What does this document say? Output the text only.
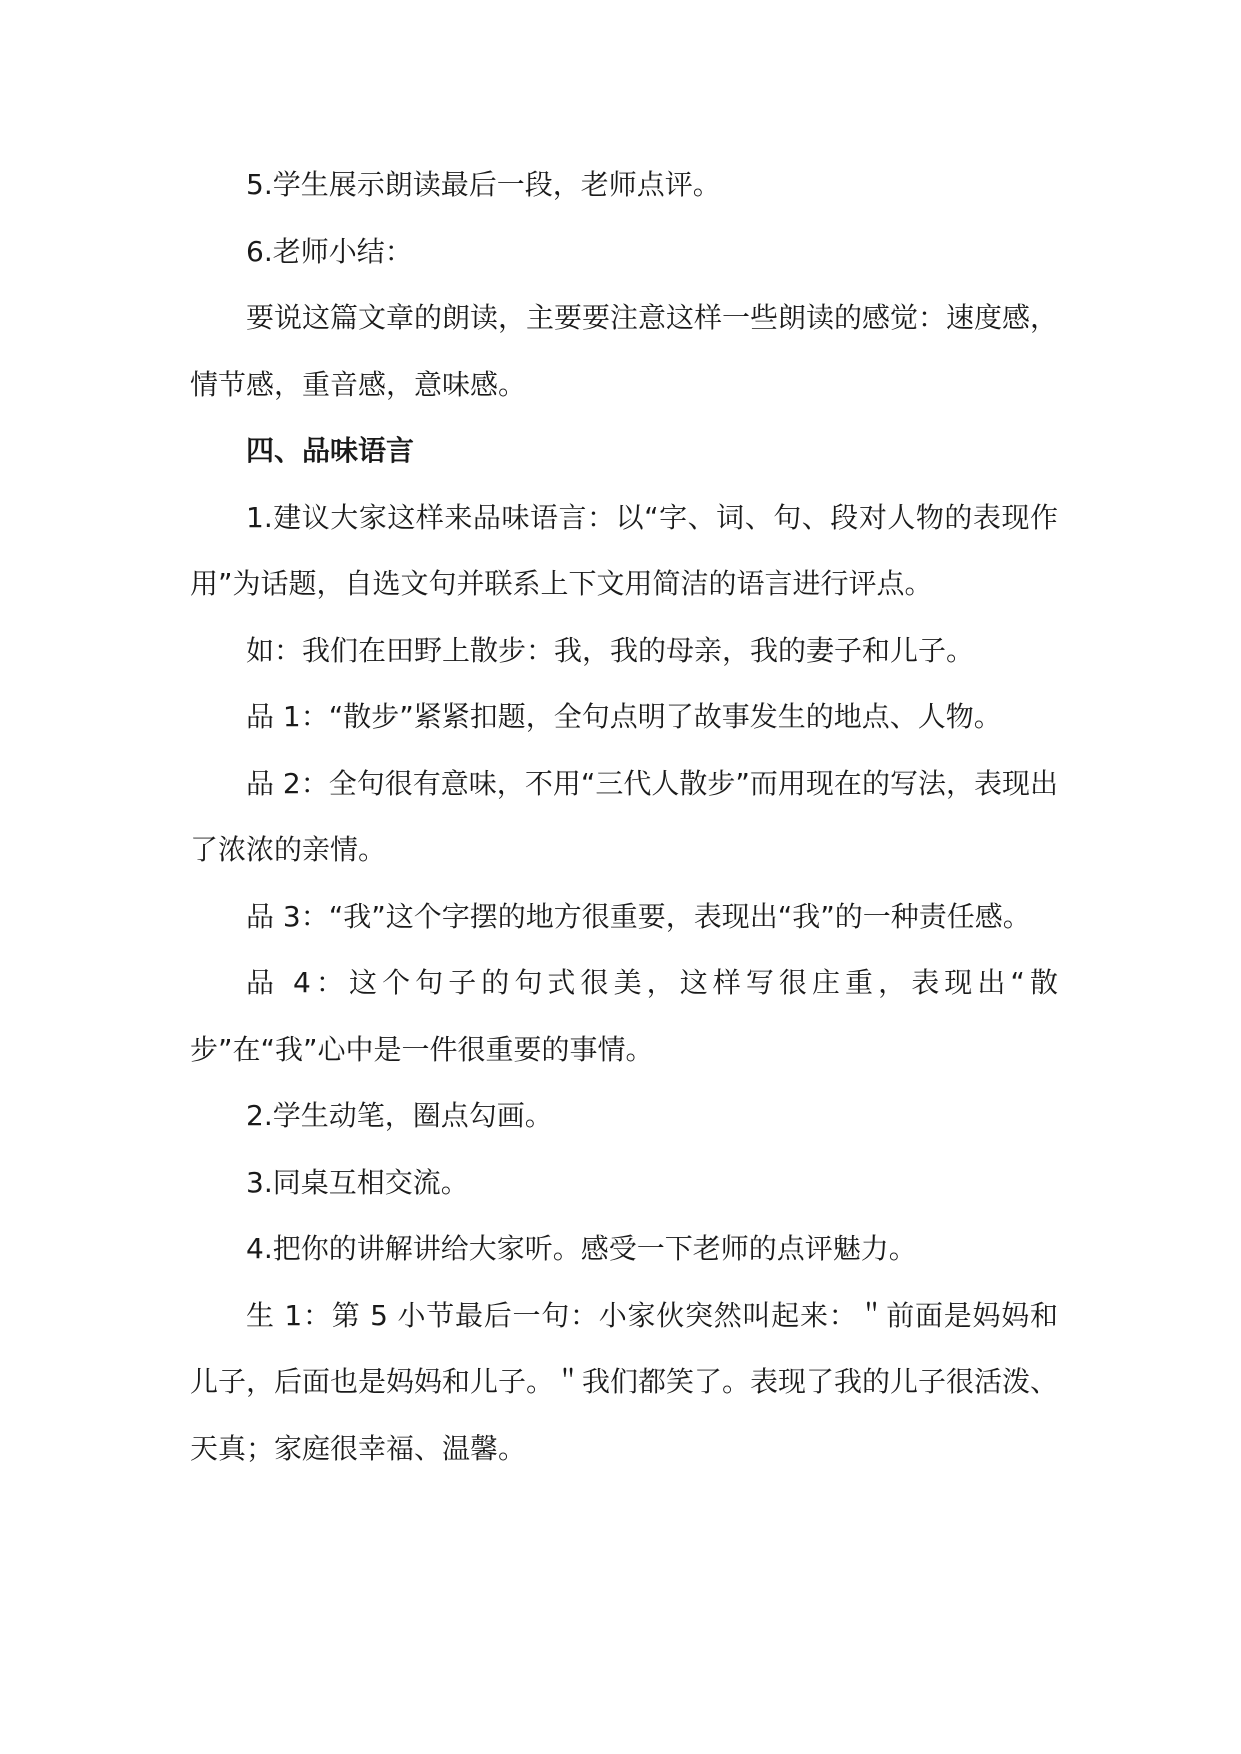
5.学生展示朗读最后一段，老师点评。

6.老师小结：

要说这篇文章的朗读，主要要注意这样一些朗读的感觉：速度感，情节感，重音感，意味感。

四、品味语言

1.建议大家这样来品味语言：以“字、词、句、段对人物的表现作用”为话题，自选文句并联系上下文用简洁的语言进行评点。

如：我们在田野上散步：我，我的母亲，我的妻子和儿子。

品 1：“散步”紧紧扣题，全句点明了故事发生的地点、人物。

品 2：全句很有意味，不用“三代人散步”而用现在的写法，表现出了浓浓的亲情。

品 3：“我”这个字摆的地方很重要，表现出“我”的一种责任感。

品 4：这个句子的句式很美，这样写很庄重，表现出“散步”在“我”心中是一件很重要的事情。

2.学生动笔，圈点勾画。

3.同桌互相交流。

4.把你的讲解讲给大家听。感受一下老师的点评魅力。

生 1：第 5 小节最后一句：小家伙突然叫起来：＂前面是妈妈和儿子，后面也是妈妈和儿子。＂我们都笑了。表现了我的儿子很活泼、天真；家庭很幸福、温馨。
